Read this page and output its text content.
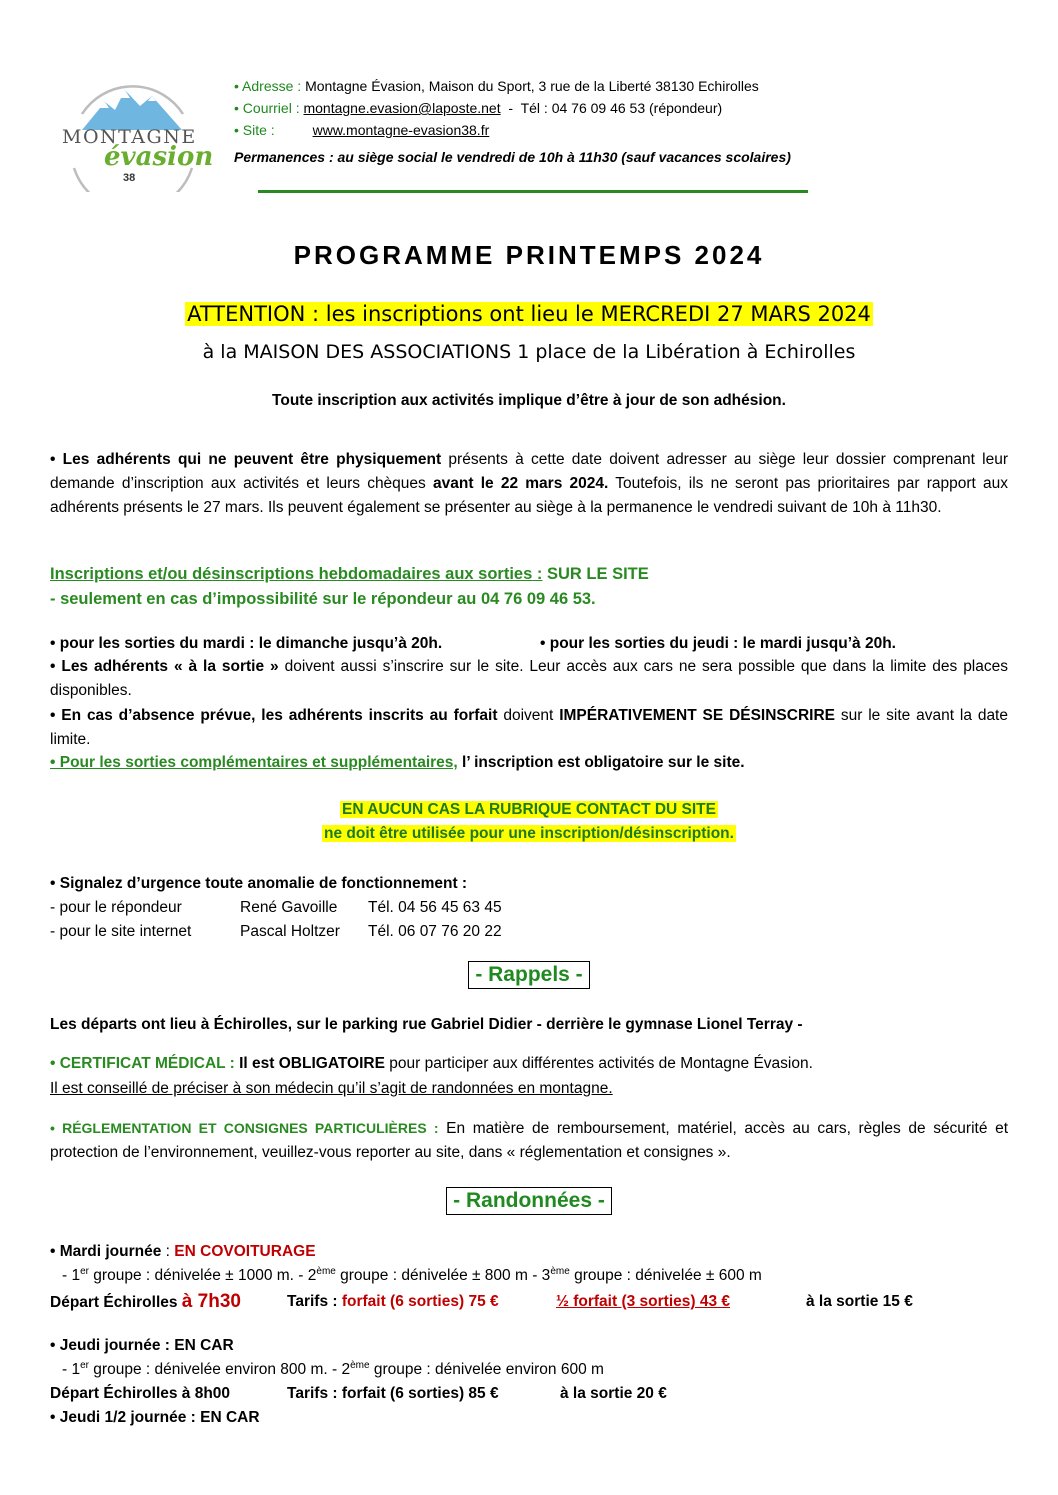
MONTAGNE
évasion
38
• Adresse : Montagne Évasion, Maison du Sport, 3 rue de la Liberté 38130 Echirolles
• Courriel : montagne.evasion@laposte.net - Tél : 04 76 09 46 53 (répondeur)
• Site :	www.montagne-evasion38.fr
Permanences : au siège social le vendredi de 10h à 11h30 (sauf vacances scolaires)
PROGRAMME PRINTEMPS 2024
ATTENTION : les inscriptions ont lieu le MERCREDI 27 MARS 2024
à la MAISON DES ASSOCIATIONS 1 place de la Libération à Echirolles
Toute inscription aux activités implique d’être à jour de son adhésion.
• Les adhérents qui ne peuvent être physiquement présents à cette date doivent adresser au siège leur dossier comprenant leur demande d’inscription aux activités et leurs chèques avant le 22 mars 2024. Toutefois, ils ne seront pas prioritaires par rapport aux adhérents présents le 27 mars. Ils peuvent également se présenter au siège à la permanence le vendredi suivant de 10h à 11h30.
Inscriptions et/ou désinscriptions hebdomadaires aux sorties : SUR LE SITE
- seulement en cas d’impossibilité sur le répondeur au 04 76 09 46 53.
• pour les sorties du mardi : le dimanche jusqu’à 20h.	• pour les sorties du jeudi : le mardi jusqu’à 20h.
• Les adhérents « à la sortie » doivent aussi s’inscrire sur le site. Leur accès aux cars ne sera possible que dans la limite des places disponibles.
• En cas d’absence prévue, les adhérents inscrits au forfait doivent IMPÉRATIVEMENT SE DÉSINSCRIRE sur le site avant la date limite.
• Pour les sorties complémentaires et supplémentaires, l’ inscription est obligatoire sur le site.
EN AUCUN CAS LA RUBRIQUE CONTACT DU SITE
ne doit être utilisée pour une inscription/désinscription.
• Signalez d’urgence toute anomalie de fonctionnement :
- pour le répondeur	René Gavoille Tél. 04 56 45 63 45
- pour le site internet	Pascal Holtzer Tél. 06 07 76 20 22
- Rappels -
Les départs ont lieu à Échirolles, sur le parking rue Gabriel Didier - derrière le gymnase Lionel Terray -
• CERTIFICAT MÉDICAL : Il est OBLIGATOIRE pour participer aux différentes activités de Montagne Évasion.
Il est conseillé de préciser à son médecin qu’il s’agit de randonnées en montagne.
• RÉGLEMENTATION ET CONSIGNES PARTICULIÈRES : En matière de remboursement, matériel, accès au cars, règles de sécurité et protection de l’environnement, veuillez-vous reporter au site, dans « réglementation et consignes ».
- Randonnées -
• Mardi journée : EN COVOITURAGE
- 1er groupe : dénivelée ± 1000 m. - 2ème groupe : dénivelée ± 800 m - 3ème groupe : dénivelée ± 600 m
Départ Échirolles à 7h30	Tarifs : forfait (6 sorties) 75 €	½ forfait (3 sorties) 43 €	à la sortie 15 €
• Jeudi journée : EN CAR
- 1er groupe : dénivelée environ 800 m. - 2ème groupe : dénivelée environ 600 m
Départ Échirolles à 8h00	Tarifs : forfait (6 sorties) 85 €	à la sortie 20 €
• Jeudi 1/2 journée : EN CAR
